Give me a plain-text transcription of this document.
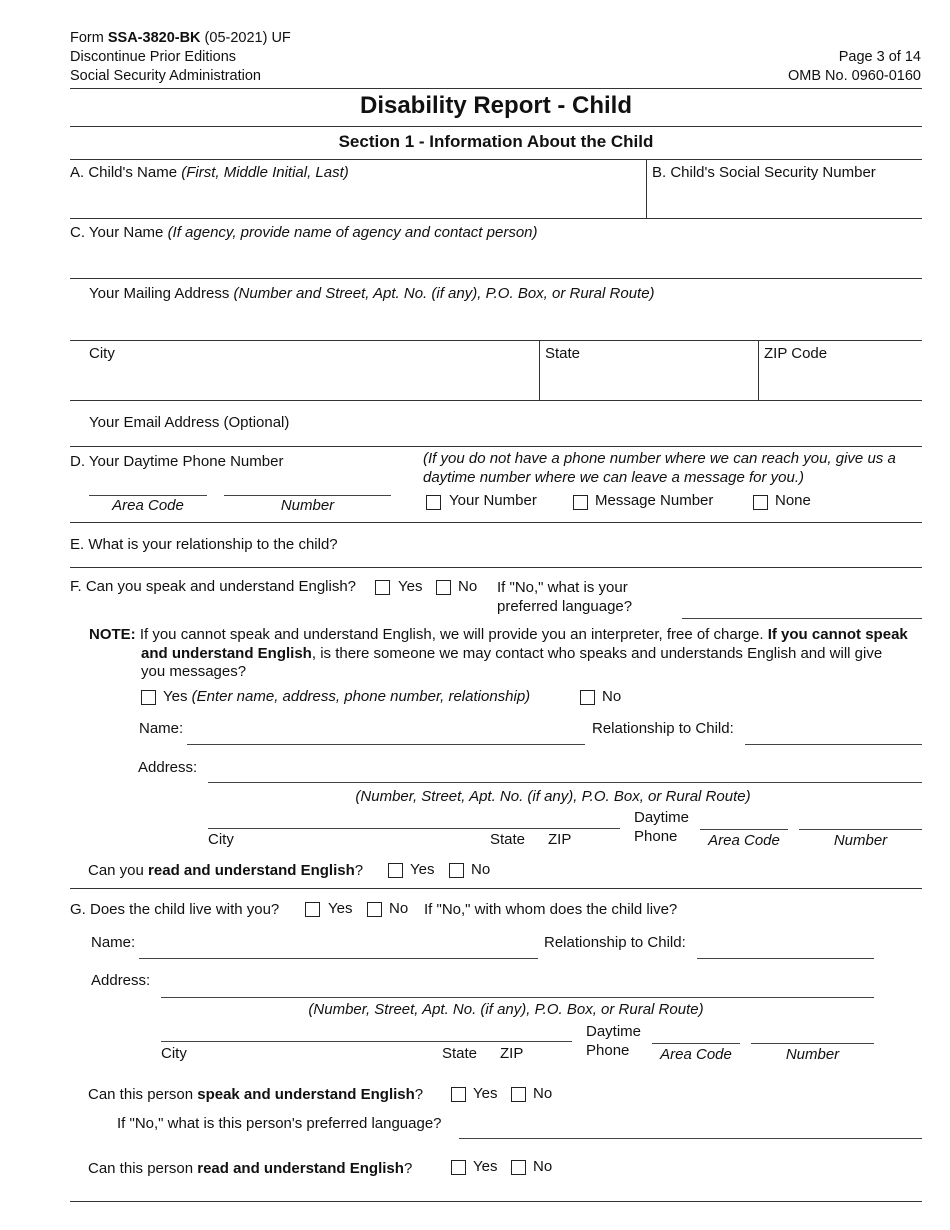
Form SSA-3820-BK (05-2021) UF
Discontinue Prior Editions
Social Security Administration
Page 3 of 14
OMB No. 0960-0160
Disability Report - Child
Section 1 - Information About the Child
A. Child's Name (First, Middle Initial, Last)	B. Child's Social Security Number
C. Your Name (If agency, provide name of agency and contact person)
Your Mailing Address (Number and Street, Apt. No. (if any), P.O. Box, or Rural Route)
City	State	ZIP Code
Your Email Address (Optional)
D. Your Daytime Phone Number	(If you do not have a phone number where we can reach you, give us a daytime number where we can leave a message for you.)
Area Code	Number	Your Number	Message Number	None
E. What is your relationship to the child?
F. Can you speak and understand English?	Yes No If "No," what is your
preferred language?
NOTE: If you cannot speak and understand English, we will provide you an interpreter, free of charge. If you cannot speak and understand English, is there someone we may contact who speaks and understands English and will give you messages?
Yes (Enter name, address, phone number, relationship)	No
Name:	Relationship to Child:
Address:
(Number, Street, Apt. No. (if any), P.O. Box, or Rural Route)
City	State ZIP
Daytime
Phone	Area Code	Number
Can you read and understand English?	Yes No
G. Does the child live with you?	Yes No If "No," with whom does the child live?
Name:	Relationship to Child:
Address:
(Number, Street, Apt. No. (if any), P.O. Box, or Rural Route)
City	State ZIP
Daytime
Phone	Area Code	Number
Can this person speak and understand English?	Yes No
If "No," what is this person's preferred language?
Can this person read and understand English?	Yes No
